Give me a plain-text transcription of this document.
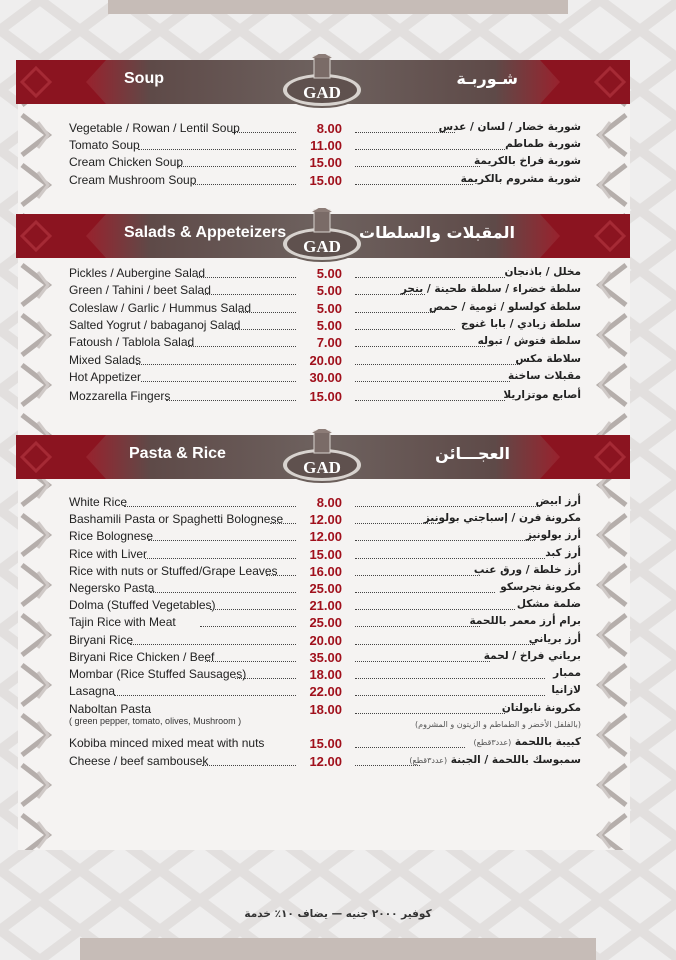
Soup	شـوربـة
GAD
Salads & Appeteizers	المقبلات والسلطات
GAD
Pasta & Rice	العجـــائن
GAD
Vegetable / Rowan / Lentil Soup	8.00	شوربة خضار / لسان / عدس
Tomato Soup	11.00	شوربة طماطم
Cream Chicken Soup	15.00	شوربة فراخ بالكريمة
Cream Mushroom Soup	15.00	شوربة مشروم بالكريمة
Pickles / Aubergine Salad	5.00	مخلل / باذنجان
Green / Tahini / beet Salad	5.00	سلطة خضراء / سلطة طحينة / بنجر
Coleslaw / Garlic / Hummus Salad	5.00	سلطة كولسلو / ثومية / حمص
Salted Yogrut / babaganoj Salad	5.00	سلطة زبادي / بابا غنوج
Fatoush / Tablola Salad	7.00	سلطة فتوش / تبوله
Mixed Salads	20.00	سلاطة مكس
Hot Appetizer	30.00	مقبلات ساخنة
Mozzarella Fingers	15.00	أصابع موتزاريلا
White Rice	8.00	أرز ابيض
Bashamili Pasta or Spaghetti Bolognese	12.00	مكرونة فرن / إسباجتي بولونيز
Rice Bolognese	12.00	أرز بولونيز
Rice with Liver	15.00	أرز كبد
Rice with nuts or Stuffed/Grape Leaves	16.00	أرز خلطة / ورق عنب
Negersko Pasta	25.00	مكرونة نجرسكو
Dolma (Stuffed Vegetables)	21.00	ضلمة مشكل
Tajin Rice with Meat	25.00	برام أرز معمر باللحمة
Biryani Rice	20.00	أرز برياني
Biryani Rice Chicken / Beef	35.00	برياني فراخ / لحمة
Mombar (Rice Stuffed Sausages)	18.00	ممبار
Lasagna	22.00	لازانيا
Naboltan Pasta	18.00	مكرونة نابولتان
( green pepper, tomato, olives, Mushroom )	(بالفلفل الأخضر و الطماطم و الزيتون و المشروم)
Kobiba minced mixed meat with nuts	15.00	كبيبة باللحمة (عدد٣قطع)
Cheese / beef sambousek	12.00	سمبوسك باللحمة / الجبنة (عدد٣قطع)
كوفير ٢٠٠٠ جنيه — يضاف ١٠٪ خدمة
